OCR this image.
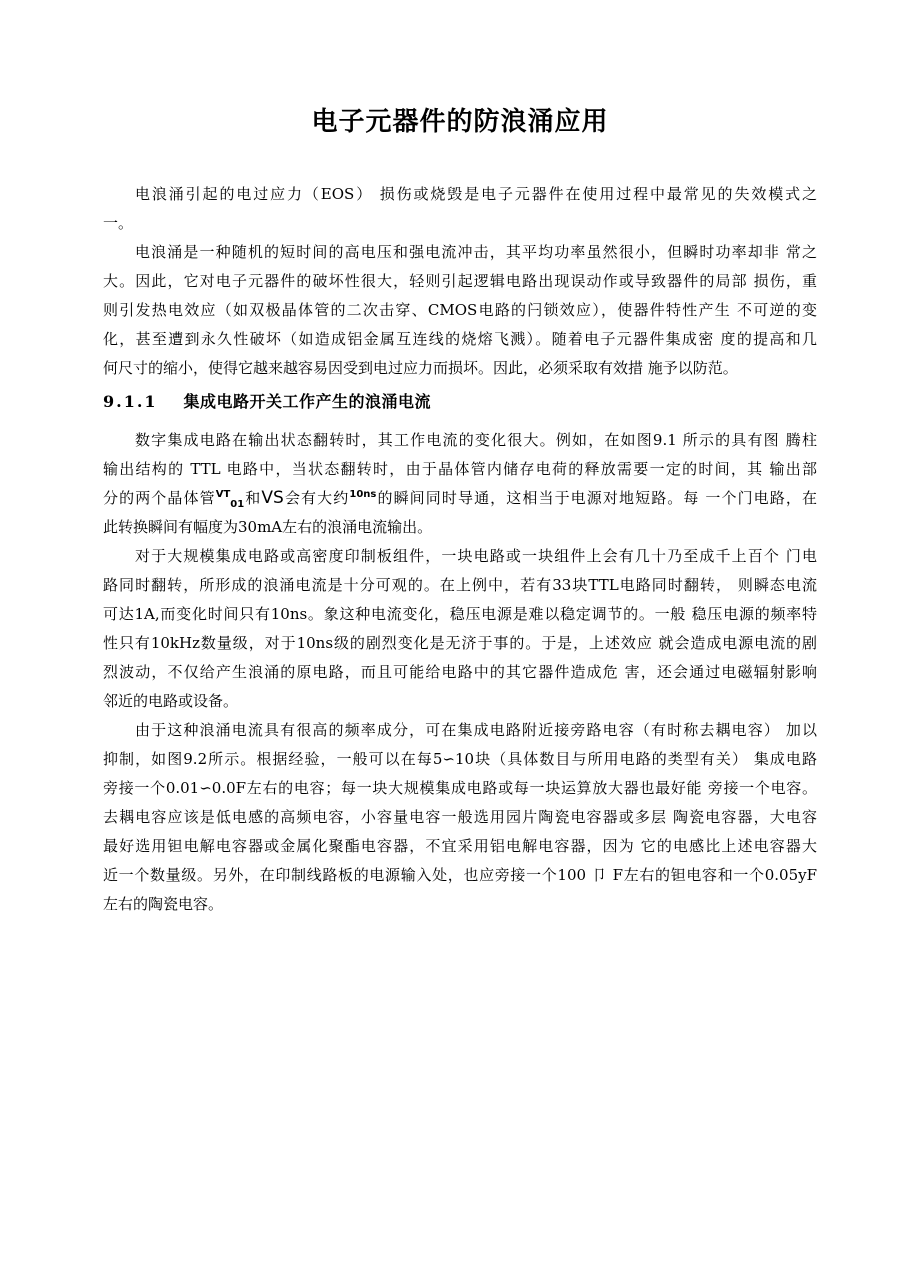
电子元器件的防浪涌应用
电浪涌引起的电过应力（EOS） 损伤或烧毁是电子元器件在使用过程中最常见的失效模式之
一。
电浪涌是一种随机的短时间的高电压和强电流冲击，其平均功率虽然很小，但瞬时功率却非 常之
大。因此，它对电子元器件的破坏性很大，轻则引起逻辑电路出现误动作或导致器件的局部 损伤，重
则引发热电效应（如双极晶体管的二次击穿、CMOS电路的闩锁效应），使器件特性产生 不可逆的变
化，甚至遭到永久性破坏（如造成铝金属互连线的烧熔飞溅）。随着电子元器件集成密 度的提高和几
何尺寸的缩小，使得它越来越容易因受到电过应力而损坏。因此，必须采取有效措 施予以防范。
9.1.1 集成电路开关工作产生的浪涌电流
数字集成电路在输出状态翻转时，其工作电流的变化很大。例如，在如图9.1 所示的具有图 腾柱
输出结构的 TTL 电路中，当状态翻转时，由于晶体管内储存电荷的释放需要一定的时间，其 输出部
分的两个晶体管$^{VT}_{01}$和VS会有大约$^{10ns}$的瞬间同时导通，这相当于电源对地短路。每 一个门电路，在
此转换瞬间有幅度为30mA左右的浪涌电流输出。
对于大规模集成电路或高密度印制板组件，一块电路或一块组件上会有几十乃至成千上百个 门电
路同时翻转，所形成的浪涌电流是十分可观的。在上例中，若有33块TTL电路同时翻转， 则瞬态电流
可达1A,而变化时间只有10ns。象这种电流变化，稳压电源是难以稳定调节的。一般 稳压电源的频率特
性只有10kHz数量级，对于10ns级的剧烈变化是无济于事的。于是，上述效应 就会造成电源电流的剧
烈波动，不仅给产生浪涌的原电路，而且可能给电路中的其它器件造成危 害，还会通过电磁辐射影响
邻近的电路或设备。
由于这种浪涌电流具有很高的频率成分，可在集成电路附近接旁路电容（有时称去耦电容） 加以
抑制，如图9.2所示。根据经验，一般可以在每5∽10块（具体数目与所用电路的类型有关） 集成电路
旁接一个0.01∽0.0F左右的电容；每一块大规模集成电路或每一块运算放大器也最好能 旁接一个电容。
去耦电容应该是低电感的高频电容，小容量电容一般选用园片陶瓷电容器或多层 陶瓷电容器，大电容
最好选用钽电解电容器或金属化聚酯电容器，不宜采用铝电解电容器，因为 它的电感比上述电容器大
近一个数量级。另外，在印制线路板的电源输入处，也应旁接一个100 卩 F左右的钽电容和一个0.05yF
左右的陶瓷电容。
